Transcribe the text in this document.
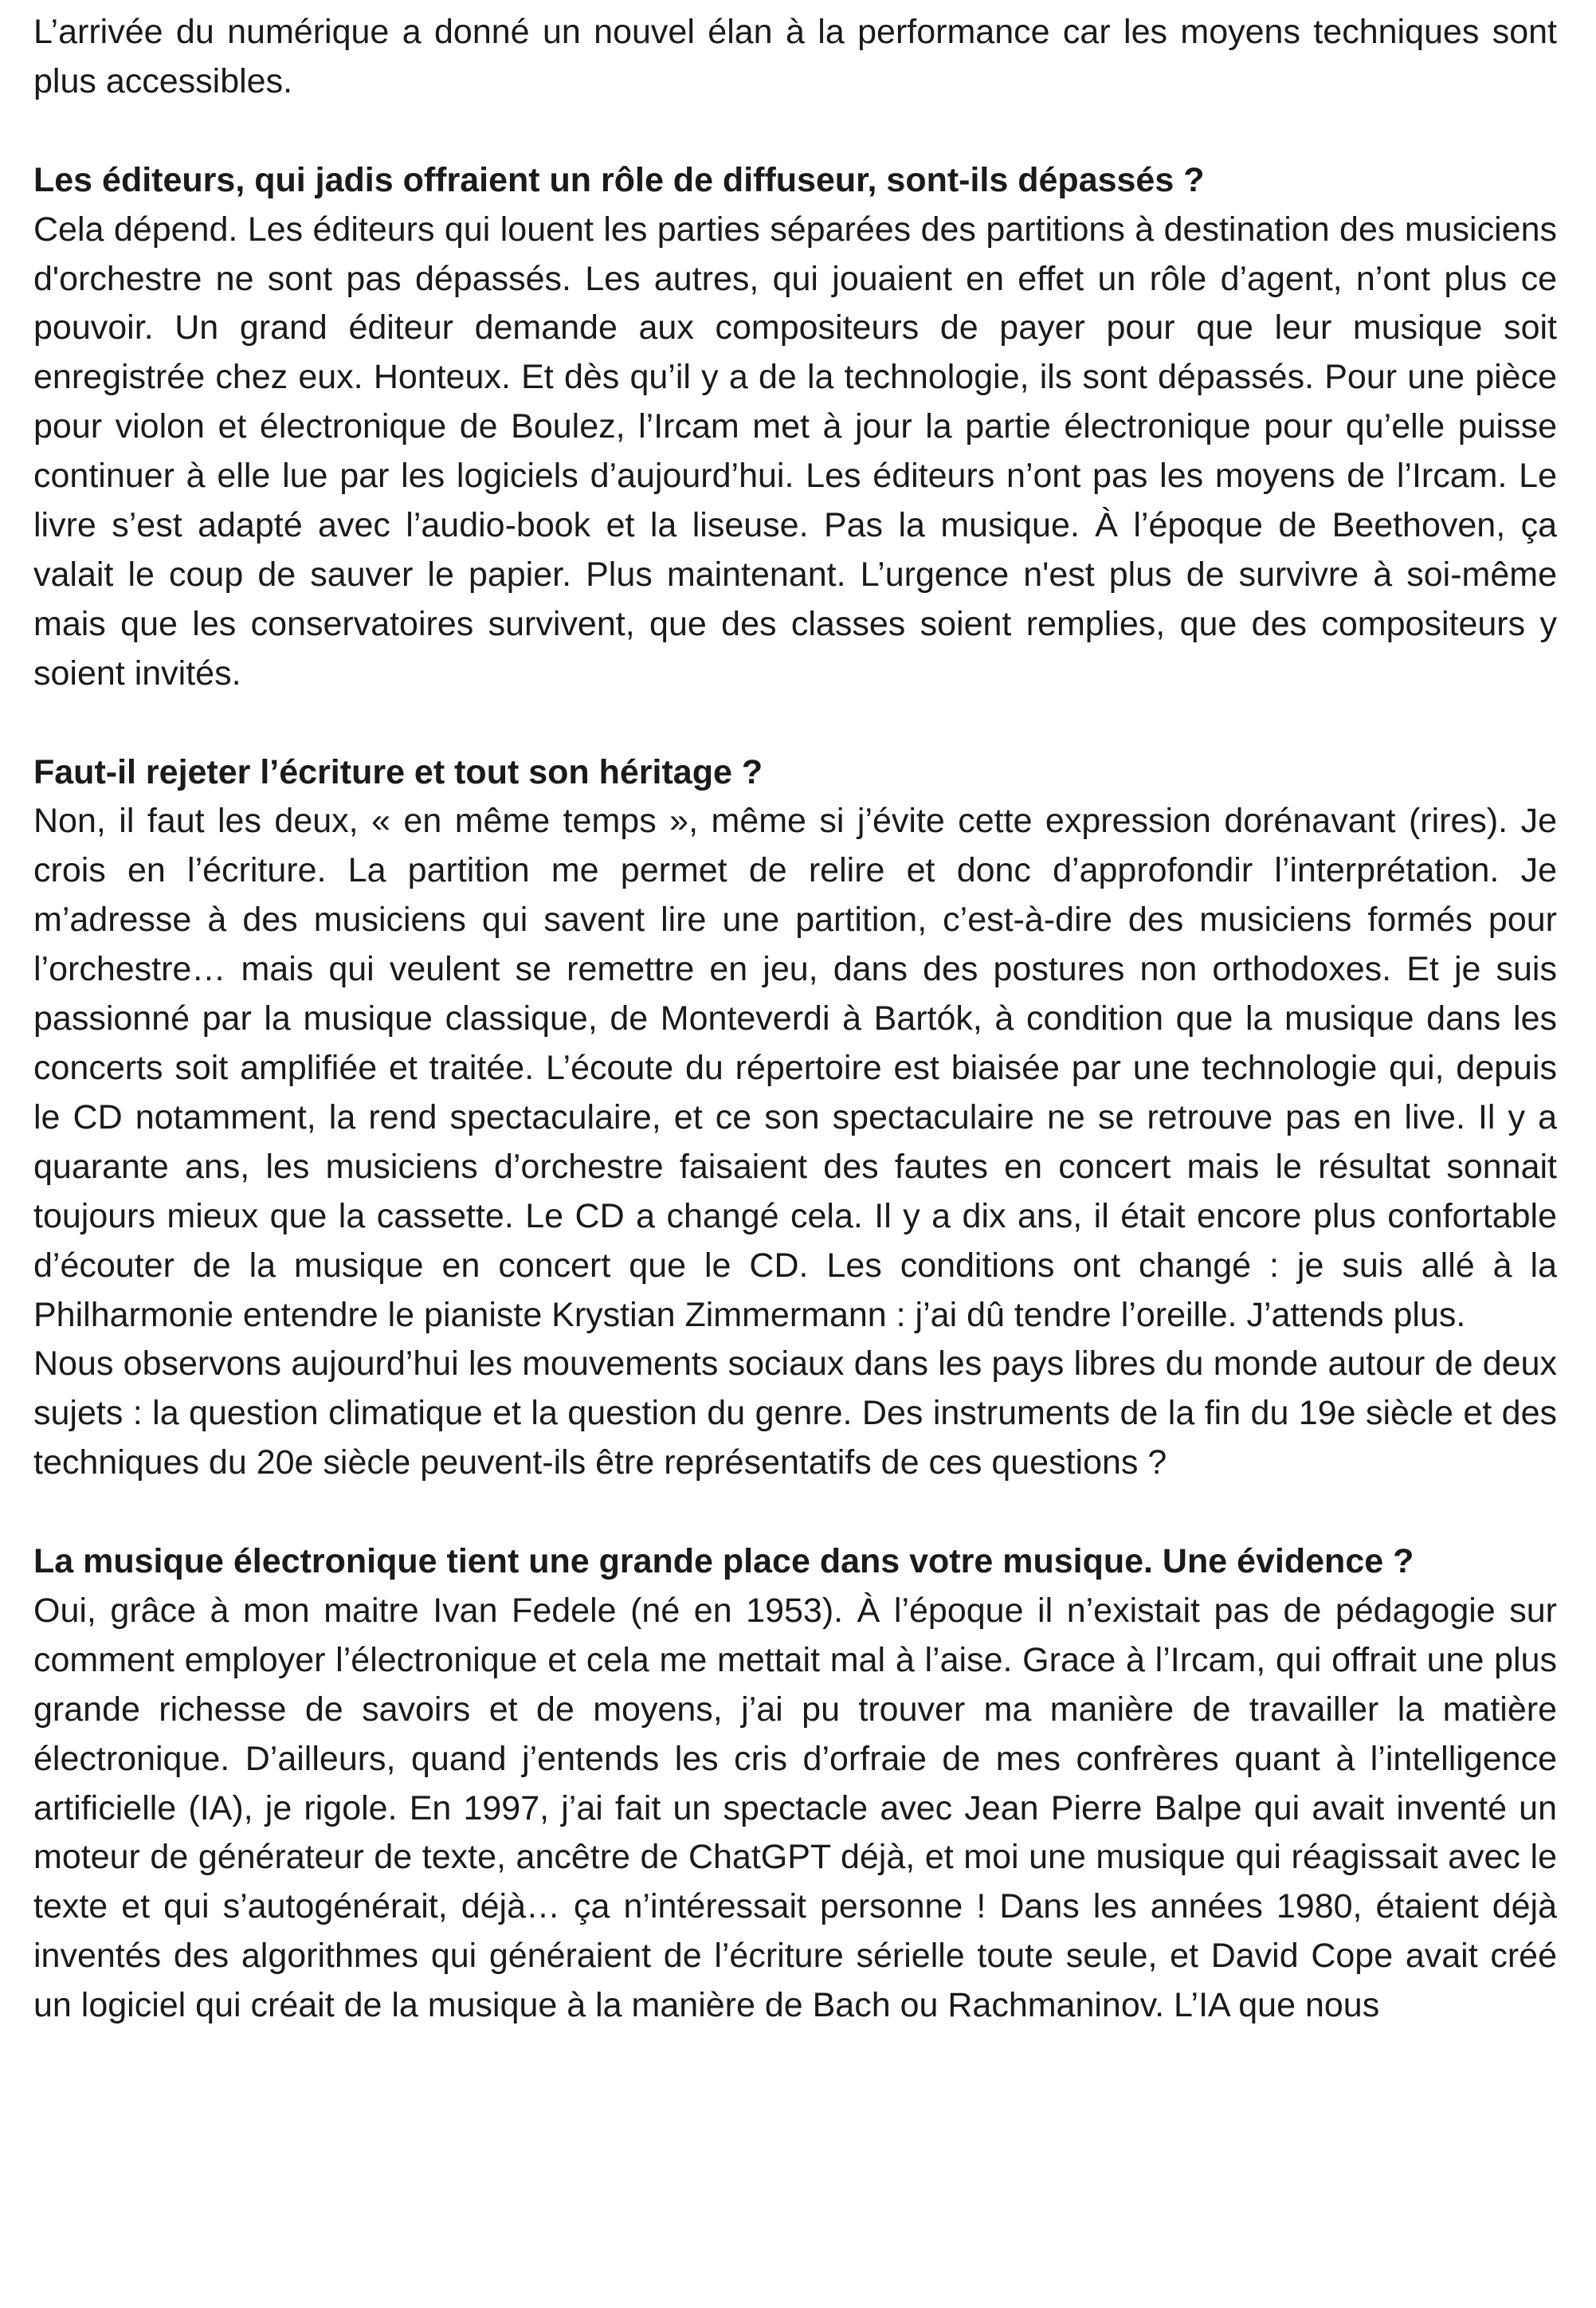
L’arrivée du numérique a donné un nouvel élan à la performance car les moyens techniques sont plus accessibles.

Les éditeurs, qui jadis offraient un rôle de diffuseur, sont-ils dépassés ?

Cela dépend. Les éditeurs qui louent les parties séparées des partitions à destination des musiciens d'orchestre ne sont pas dépassés. Les autres, qui jouaient en effet un rôle d’agent, n’ont plus ce pouvoir. Un grand éditeur demande aux compositeurs de payer pour que leur musique soit enregistrée chez eux. Honteux. Et dès qu’il y a de la technologie, ils sont dépassés. Pour une pièce pour violon et électronique de Boulez, l’Ircam met à jour la partie électronique pour qu’elle puisse continuer à elle lue par les logiciels d’aujourd’hui. Les éditeurs n’ont pas les moyens de l’Ircam. Le livre s’est adapté avec l’audio-book et la liseuse. Pas la musique. À l’époque de Beethoven, ça valait le coup de sauver le papier. Plus maintenant. L’urgence n'est plus de survivre à soi-même mais que les conservatoires survivent, que des classes soient remplies, que des compositeurs y soient invités.

Faut-il rejeter l’écriture et tout son héritage ?

Non, il faut les deux, « en même temps », même si j’évite cette expression dorénavant (rires). Je crois en l’écriture. La partition me permet de relire et donc d’approfondir l’interprétation. Je m’adresse à des musiciens qui savent lire une partition, c’est-à-dire des musiciens formés pour l’orchestre… mais qui veulent se remettre en jeu, dans des postures non orthodoxes. Et je suis passionné par la musique classique, de Monteverdi à Bartók, à condition que la musique dans les concerts soit amplifiée et traitée. L’écoute du répertoire est biaisée par une technologie qui, depuis le CD notamment, la rend spectaculaire, et ce son spectaculaire ne se retrouve pas en live. Il y a quarante ans, les musiciens d’orchestre faisaient des fautes en concert mais le résultat sonnait toujours mieux que la cassette. Le CD a changé cela. Il y a dix ans, il était encore plus confortable d’écouter de la musique en concert que le CD. Les conditions ont changé : je suis allé à la Philharmonie entendre le pianiste Krystian Zimmermann : j’ai dû tendre l’oreille. J’attends plus.

Nous observons aujourd’hui les mouvements sociaux dans les pays libres du monde autour de deux sujets : la question climatique et la question du genre. Des instruments de la fin du 19e siècle et des techniques du 20e siècle peuvent-ils être représentatifs de ces questions ?

La musique électronique tient une grande place dans votre musique. Une évidence ?

Oui, grâce à mon maitre Ivan Fedele (né en 1953). À l’époque il n’existait pas de pédagogie sur comment employer l’électronique et cela me mettait mal à l’aise. Grace à l’Ircam, qui offrait une plus grande richesse de savoirs et de moyens, j’ai pu trouver ma manière de travailler la matière électronique. D’ailleurs, quand j’entends les cris d’orfraie de mes confrères quant à l’intelligence artificielle (IA), je rigole. En 1997, j’ai fait un spectacle avec Jean Pierre Balpe qui avait inventé un moteur de générateur de texte, ancêtre de ChatGPT déjà, et moi une musique qui réagissait avec le texte et qui s’autogénérait, déjà… ça n’intéressait personne ! Dans les années 1980, étaient déjà inventés des algorithmes qui généraient de l’écriture sérielle toute seule, et David Cope avait créé un logiciel qui créait de la musique à la manière de Bach ou Rachmaninov. L’IA que nous
